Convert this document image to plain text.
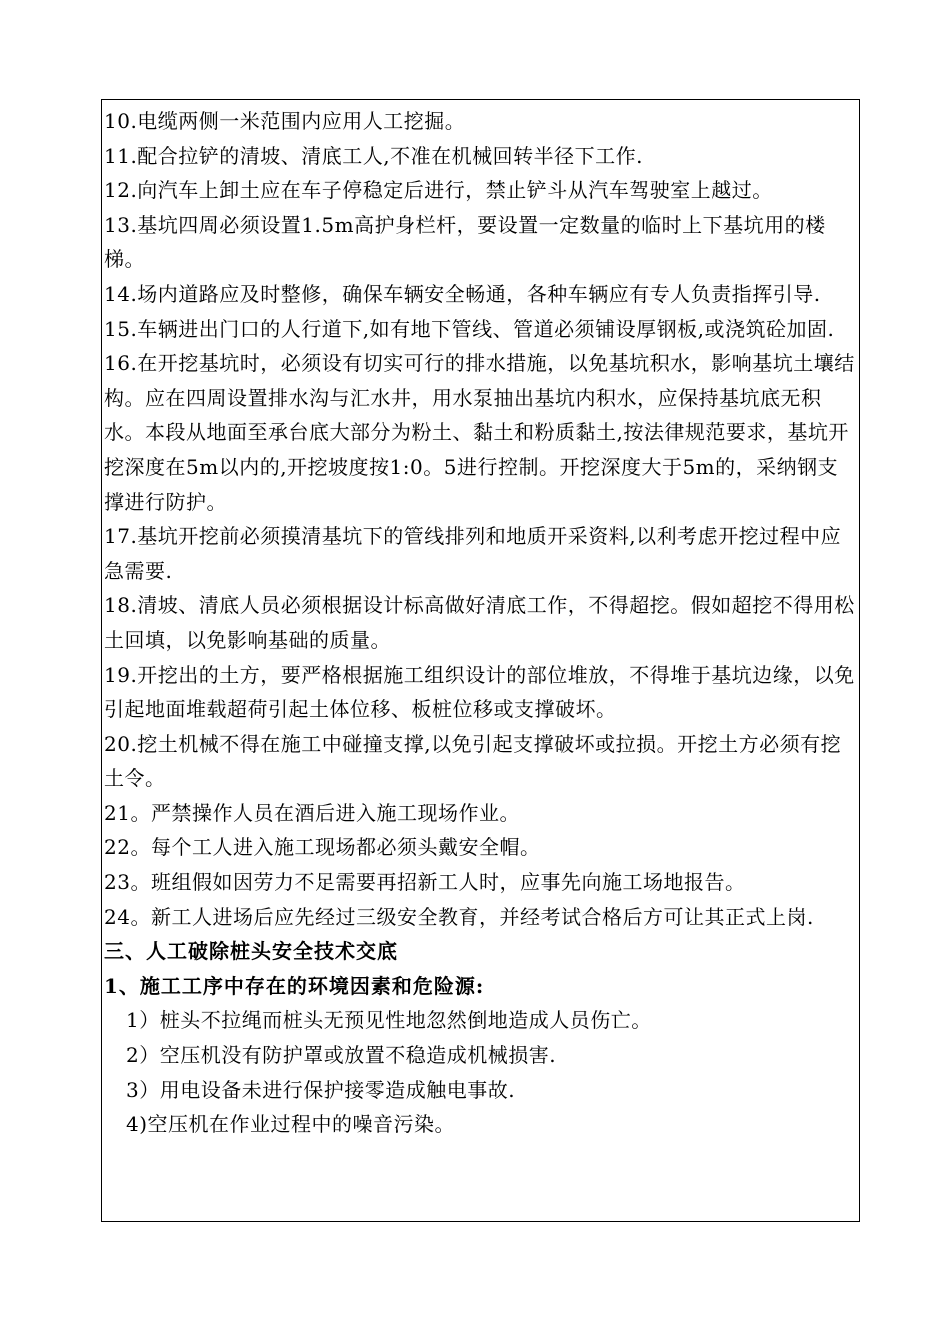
10.电缆两侧一米范围内应用人工挖掘。

11.配合拉铲的清坡、清底工人,不准在机械回转半径下工作.

12.向汽车上卸土应在车子停稳定后进行，禁止铲斗从汽车驾驶室上越过。

13.基坑四周必须设置1.5m高护身栏杆，要设置一定数量的临时上下基坑用的楼梯。

14.场内道路应及时整修，确保车辆安全畅通，各种车辆应有专人负责指挥引导.

15.车辆进出门口的人行道下,如有地下管线、管道必须铺设厚钢板,或浇筑砼加固.

16.在开挖基坑时，必须设有切实可行的排水措施，以免基坑积水，影响基坑土壤结构。应在四周设置排水沟与汇水井，用水泵抽出基坑内积水，应保持基坑底无积水。本段从地面至承台底大部分为粉土、黏土和粉质黏土,按法律规范要求，基坑开挖深度在5m以内的,开挖坡度按1:0。5进行控制。开挖深度大于5m的，采纳钢支撑进行防护。

17.基坑开挖前必须摸清基坑下的管线排列和地质开采资料,以利考虑开挖过程中应急需要.

18.清坡、清底人员必须根据设计标高做好清底工作，不得超挖。假如超挖不得用松土回填，以免影响基础的质量。

19.开挖出的土方，要严格根据施工组织设计的部位堆放，不得堆于基坑边缘，以免引起地面堆载超荷引起土体位移、板桩位移或支撑破坏。

20.挖土机械不得在施工中碰撞支撑,以免引起支撑破坏或拉损。开挖土方必须有挖土令。

21。严禁操作人员在酒后进入施工现场作业。

22。每个工人进入施工现场都必须头戴安全帽。

23。班组假如因劳力不足需要再招新工人时，应事先向施工场地报告。

24。新工人进场后应先经过三级安全教育，并经考试合格后方可让其正式上岗.

三、人工破除桩头安全技术交底

1、施工工序中存在的环境因素和危险源:

1）桩头不拉绳而桩头无预见性地忽然倒地造成人员伤亡。

2）空压机没有防护罩或放置不稳造成机械损害.

3）用电设备未进行保护接零造成触电事故.

4)空压机在作业过程中的噪音污染。
